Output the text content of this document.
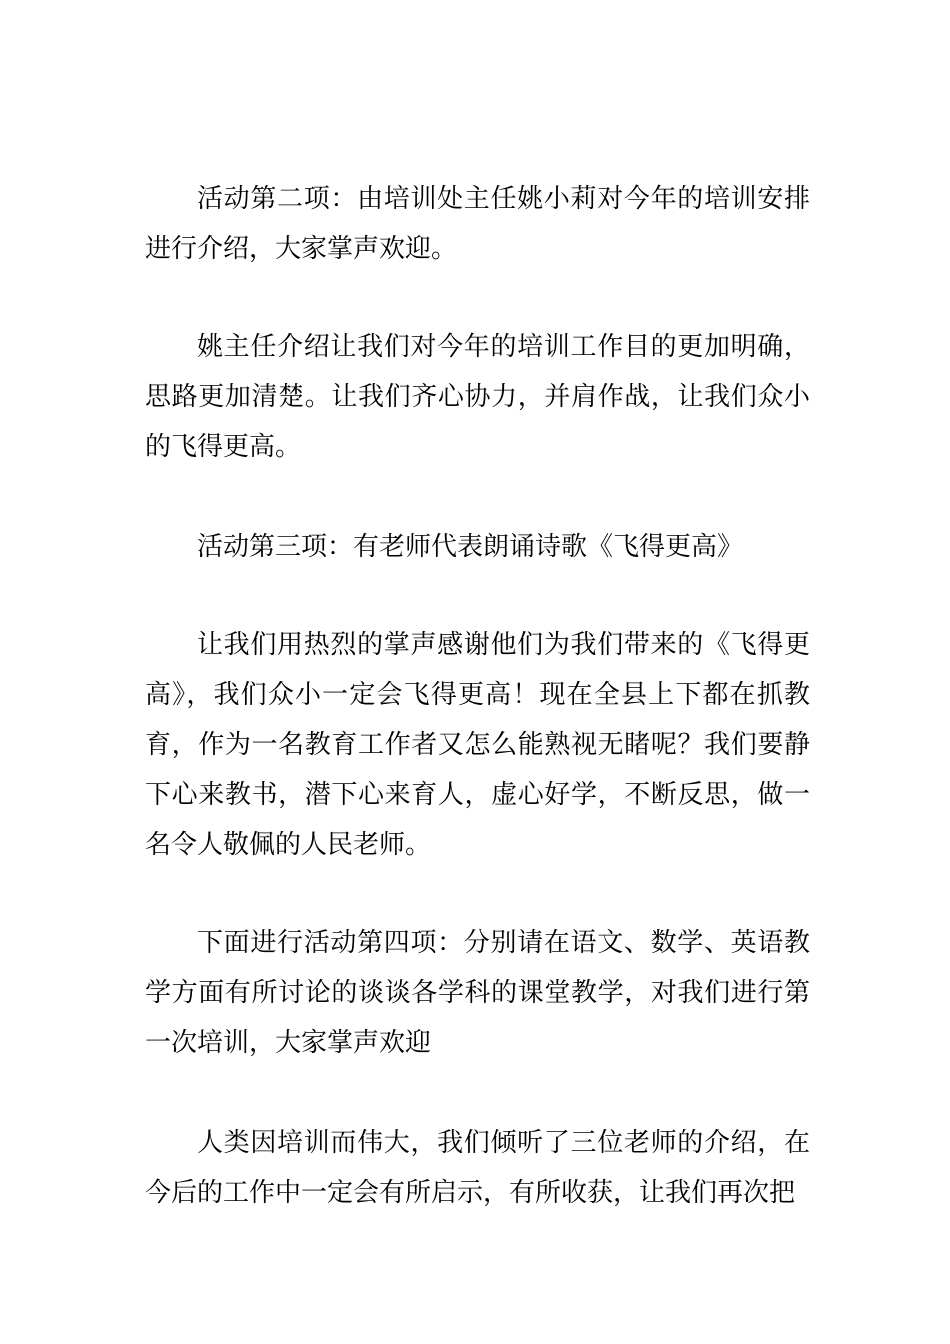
活动第二项：由培训处主任姚小莉对今年的培训安排进行介绍，大家掌声欢迎。

姚主任介绍让我们对今年的培训工作目的更加明确，思路更加清楚。让我们齐心协力，并肩作战，让我们众小的飞得更高。

活动第三项：有老师代表朗诵诗歌《飞得更高》

让我们用热烈的掌声感谢他们为我们带来的《飞得更高》，我们众小一定会飞得更高！现在全县上下都在抓教育，作为一名教育工作者又怎么能熟视无睹呢？我们要静下心来教书，潜下心来育人，虚心好学，不断反思，做一名令人敬佩的人民老师。

下面进行活动第四项：分别请在语文、数学、英语教学方面有所讨论的谈谈各学科的课堂教学，对我们进行第一次培训，大家掌声欢迎

人类因培训而伟大，我们倾听了三位老师的介绍，在今后的工作中一定会有所启示，有所收获，让我们再次把
